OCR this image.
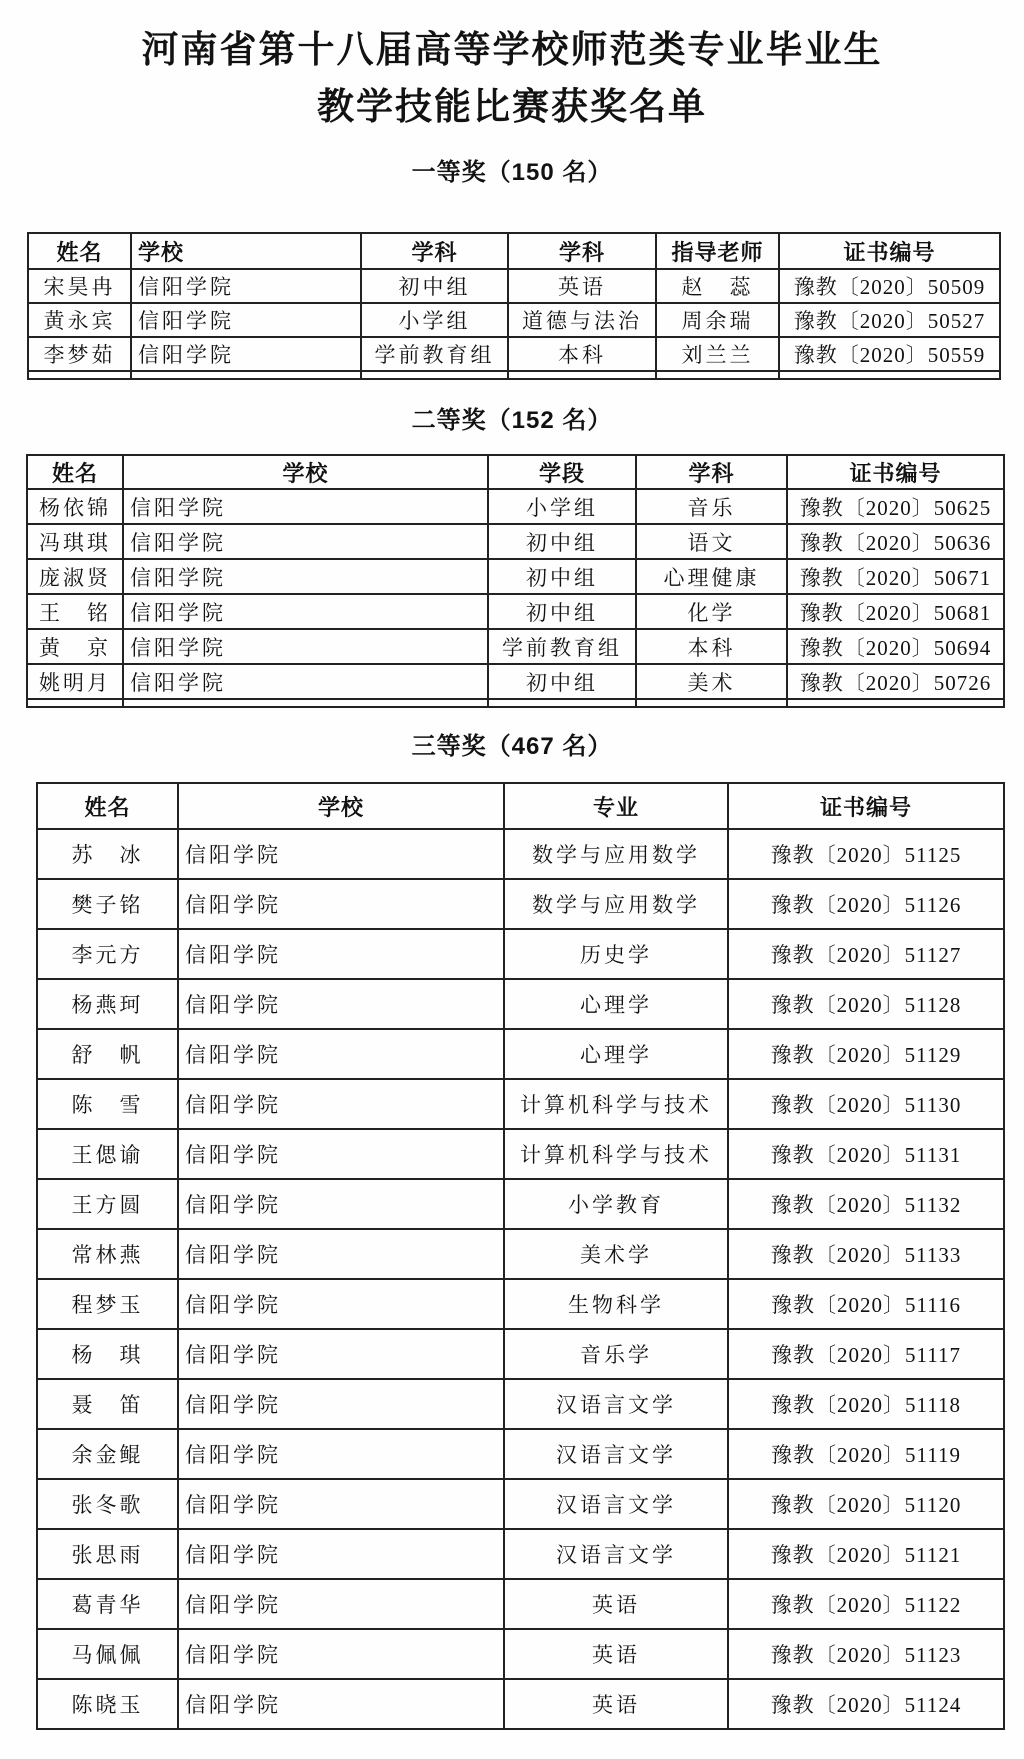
河南省第十八届高等学校师范类专业毕业生
教学技能比赛获奖名单
一等奖（150 名）
姓名	学校	学科	学科	指导老师	证书编号
宋昊冉	信阳学院	初中组	英语	赵　蕊	豫教〔2020〕50509
黄永宾	信阳学院	小学组	道德与法治	周余瑞	豫教〔2020〕50527
李梦茹	信阳学院	学前教育组	本科	刘兰兰	豫教〔2020〕50559

二等奖（152 名）
姓名	学校	学段	学科	证书编号
杨依锦	信阳学院	小学组	音乐	豫教〔2020〕50625
冯琪琪	信阳学院	初中组	语文	豫教〔2020〕50636
庞淑贤	信阳学院	初中组	心理健康	豫教〔2020〕50671
王　铭	信阳学院	初中组	化学	豫教〔2020〕50681
黄　京	信阳学院	学前教育组	本科	豫教〔2020〕50694
姚明月	信阳学院	初中组	美术	豫教〔2020〕50726

三等奖（467 名）
姓名	学校	专业	证书编号
苏　冰	信阳学院	数学与应用数学	豫教〔2020〕51125
樊子铭	信阳学院	数学与应用数学	豫教〔2020〕51126
李元方	信阳学院	历史学	豫教〔2020〕51127
杨燕珂	信阳学院	心理学	豫教〔2020〕51128
舒　帆	信阳学院	心理学	豫教〔2020〕51129
陈　雪	信阳学院	计算机科学与技术	豫教〔2020〕51130
王偲谕	信阳学院	计算机科学与技术	豫教〔2020〕51131
王方圆	信阳学院	小学教育	豫教〔2020〕51132
常林燕	信阳学院	美术学	豫教〔2020〕51133
程梦玉	信阳学院	生物科学	豫教〔2020〕51116
杨　琪	信阳学院	音乐学	豫教〔2020〕51117
聂　笛	信阳学院	汉语言文学	豫教〔2020〕51118
余金鲲	信阳学院	汉语言文学	豫教〔2020〕51119
张冬歌	信阳学院	汉语言文学	豫教〔2020〕51120
张思雨	信阳学院	汉语言文学	豫教〔2020〕51121
葛青华	信阳学院	英语	豫教〔2020〕51122
马佩佩	信阳学院	英语	豫教〔2020〕51123
陈晓玉	信阳学院	英语	豫教〔2020〕51124
